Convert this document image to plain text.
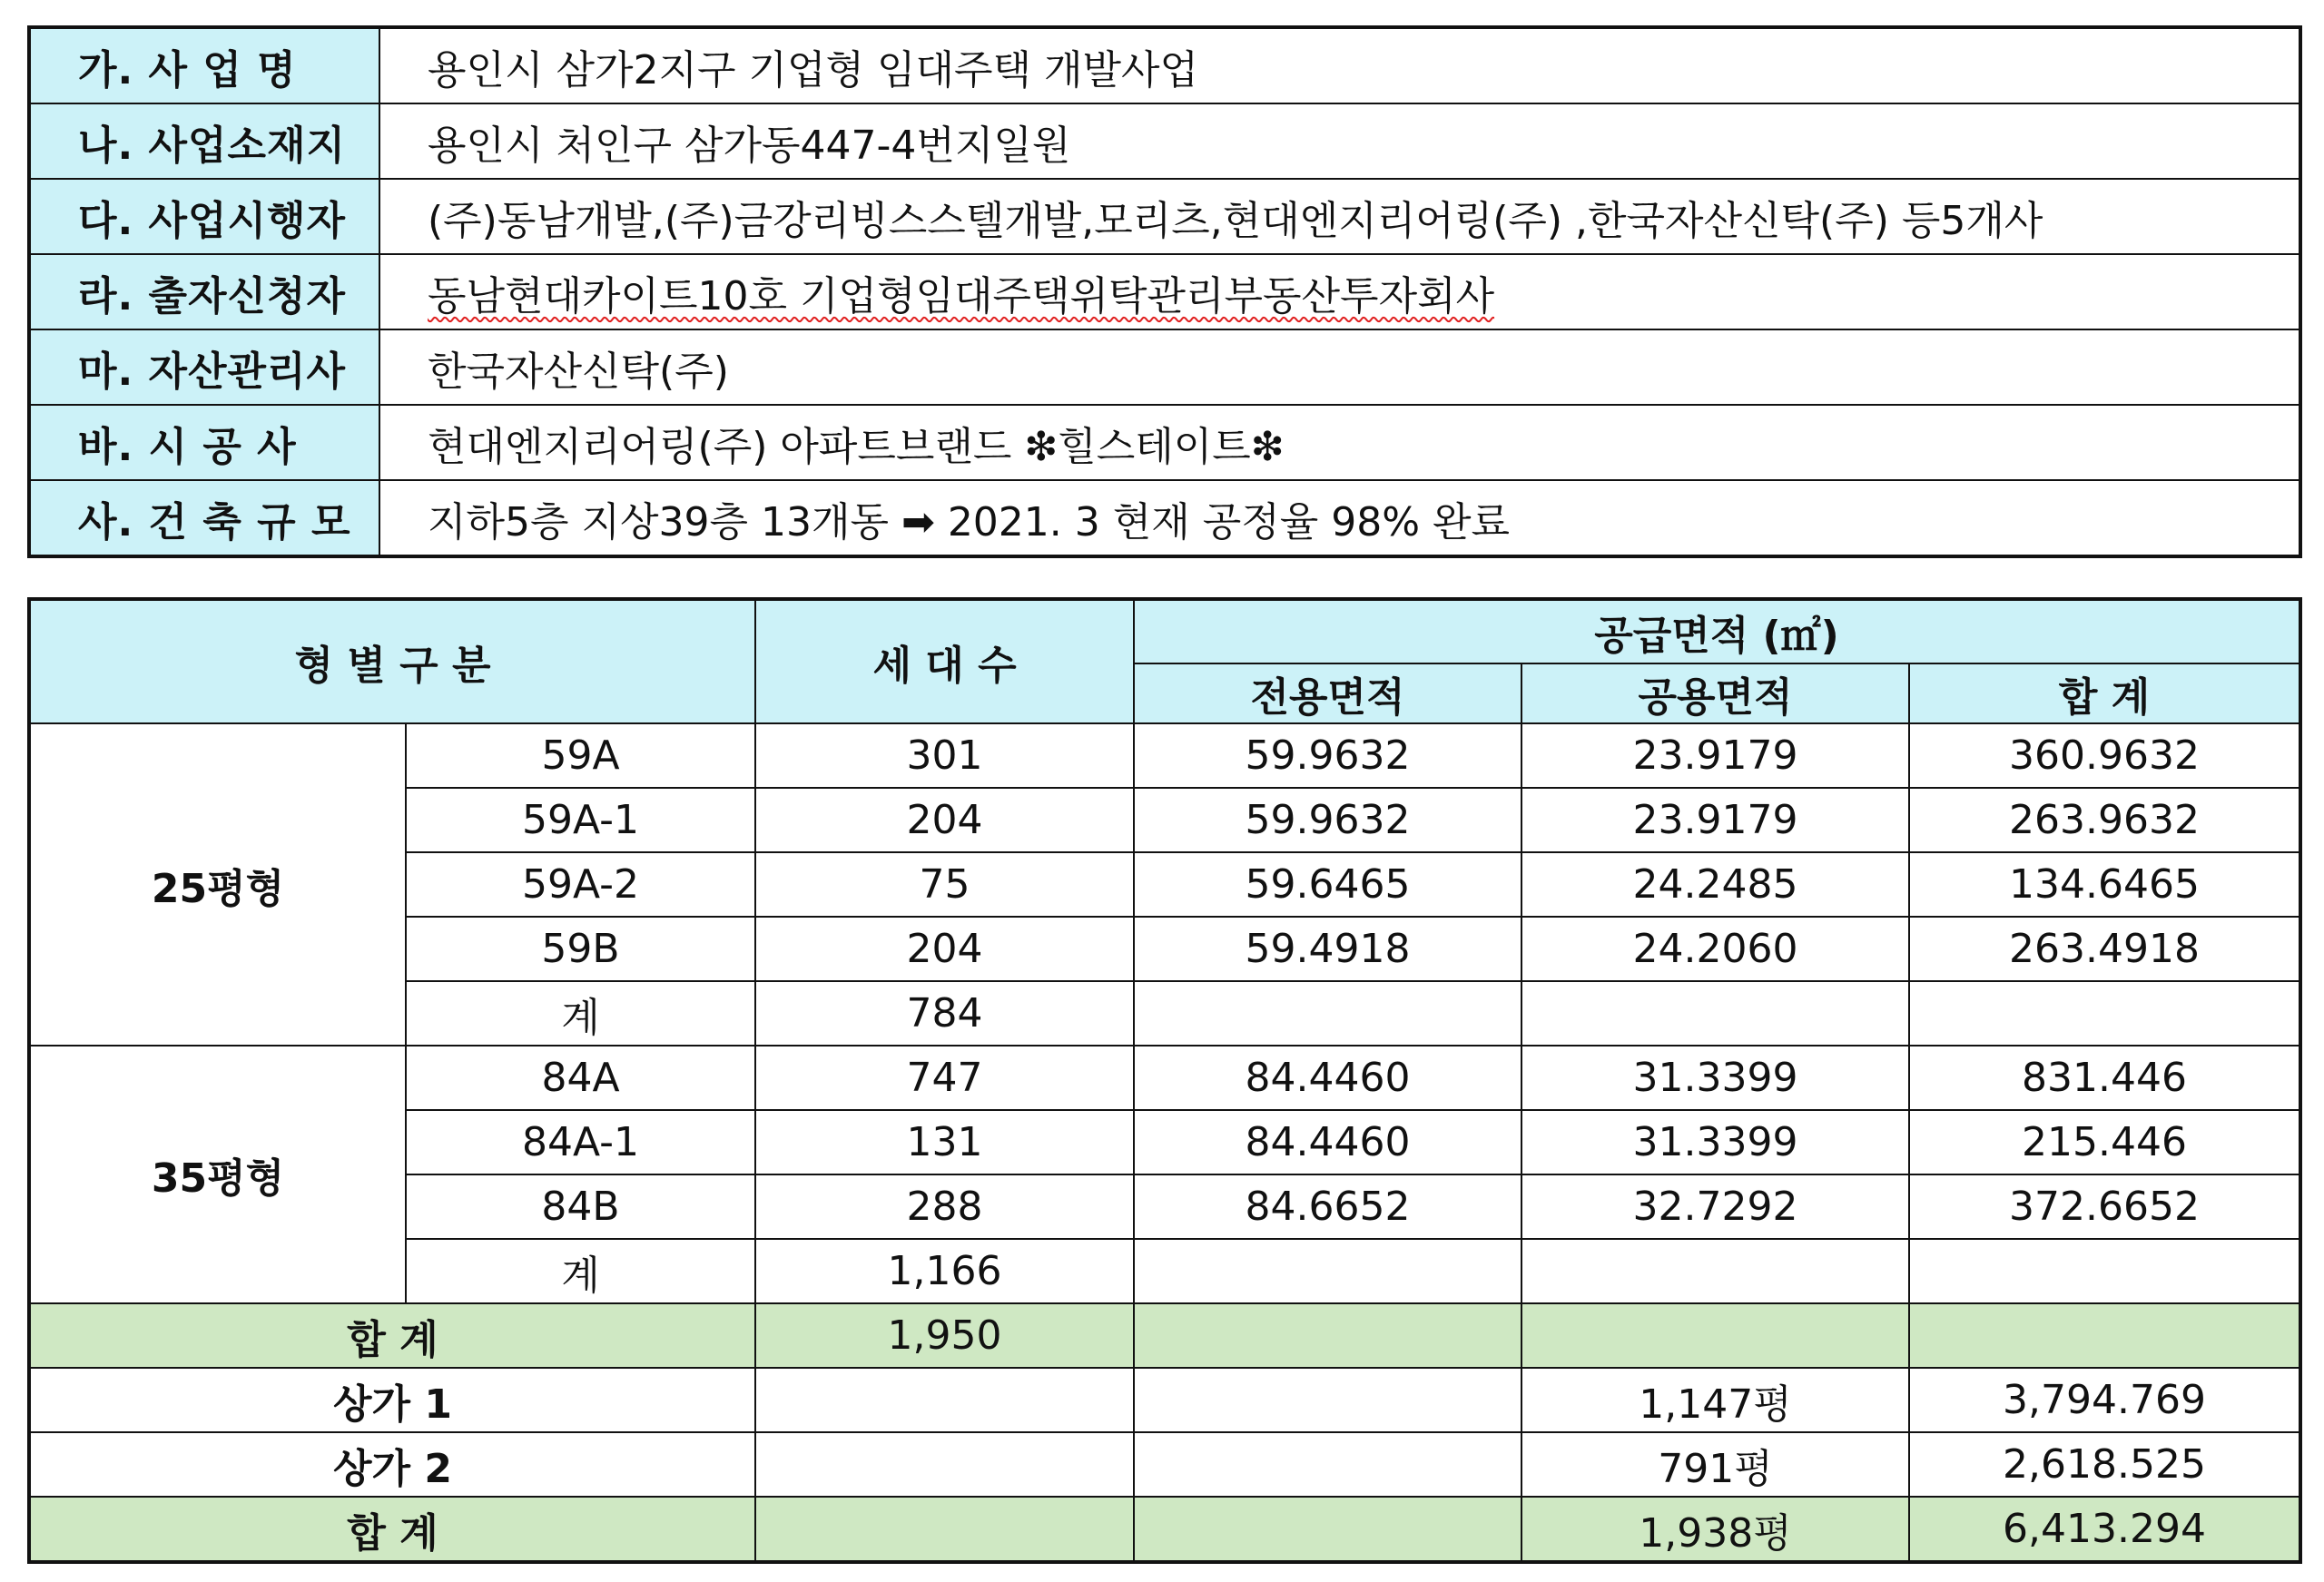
가. 사 업 명	용인시 삼가2지구 기업형 임대주택 개발사업
나. 사업소재지	용인시 처인구 삼가동447-4번지일원
다. 사업시행자	(주)동남개발,(주)금강리빙스스텔개발,모리츠,현대엔지리어링(주) ,한국자산신탁(주) 등5개사
라. 출자신청자	동남현대카이트10호 기업형임대주택위탁관리부동산투자회사
마. 자산관리사	한국자산신탁(주)
바. 시 공 사	현대엔지리어링(주) 아파트브랜드 ❇힐스테이트❇
사. 건 축 규 모	지하5층 지상39층 13개동 ➡ 2021. 3 현재 공정율 98% 완료
형 별 구 분		세 대 수	공급면적 (㎡)		
			전용면적	공용면적	합 계
25평형	59A	301	59.9632	23.9179	360.9632
	59A-1	204	59.9632	23.9179	263.9632
	59A-2	75	59.6465	24.2485	134.6465
	59B	204	59.4918	24.2060	263.4918
	계	784			
35평형	84A	747	84.4460	31.3399	831.446
	84A-1	131	84.4460	31.3399	215.446
	84B	288	84.6652	32.7292	372.6652
	계	1,166			
합 계		1,950			
상가 1				1,147평	3,794.769
상가 2				791평	2,618.525
합 계				1,938평	6,413.294
